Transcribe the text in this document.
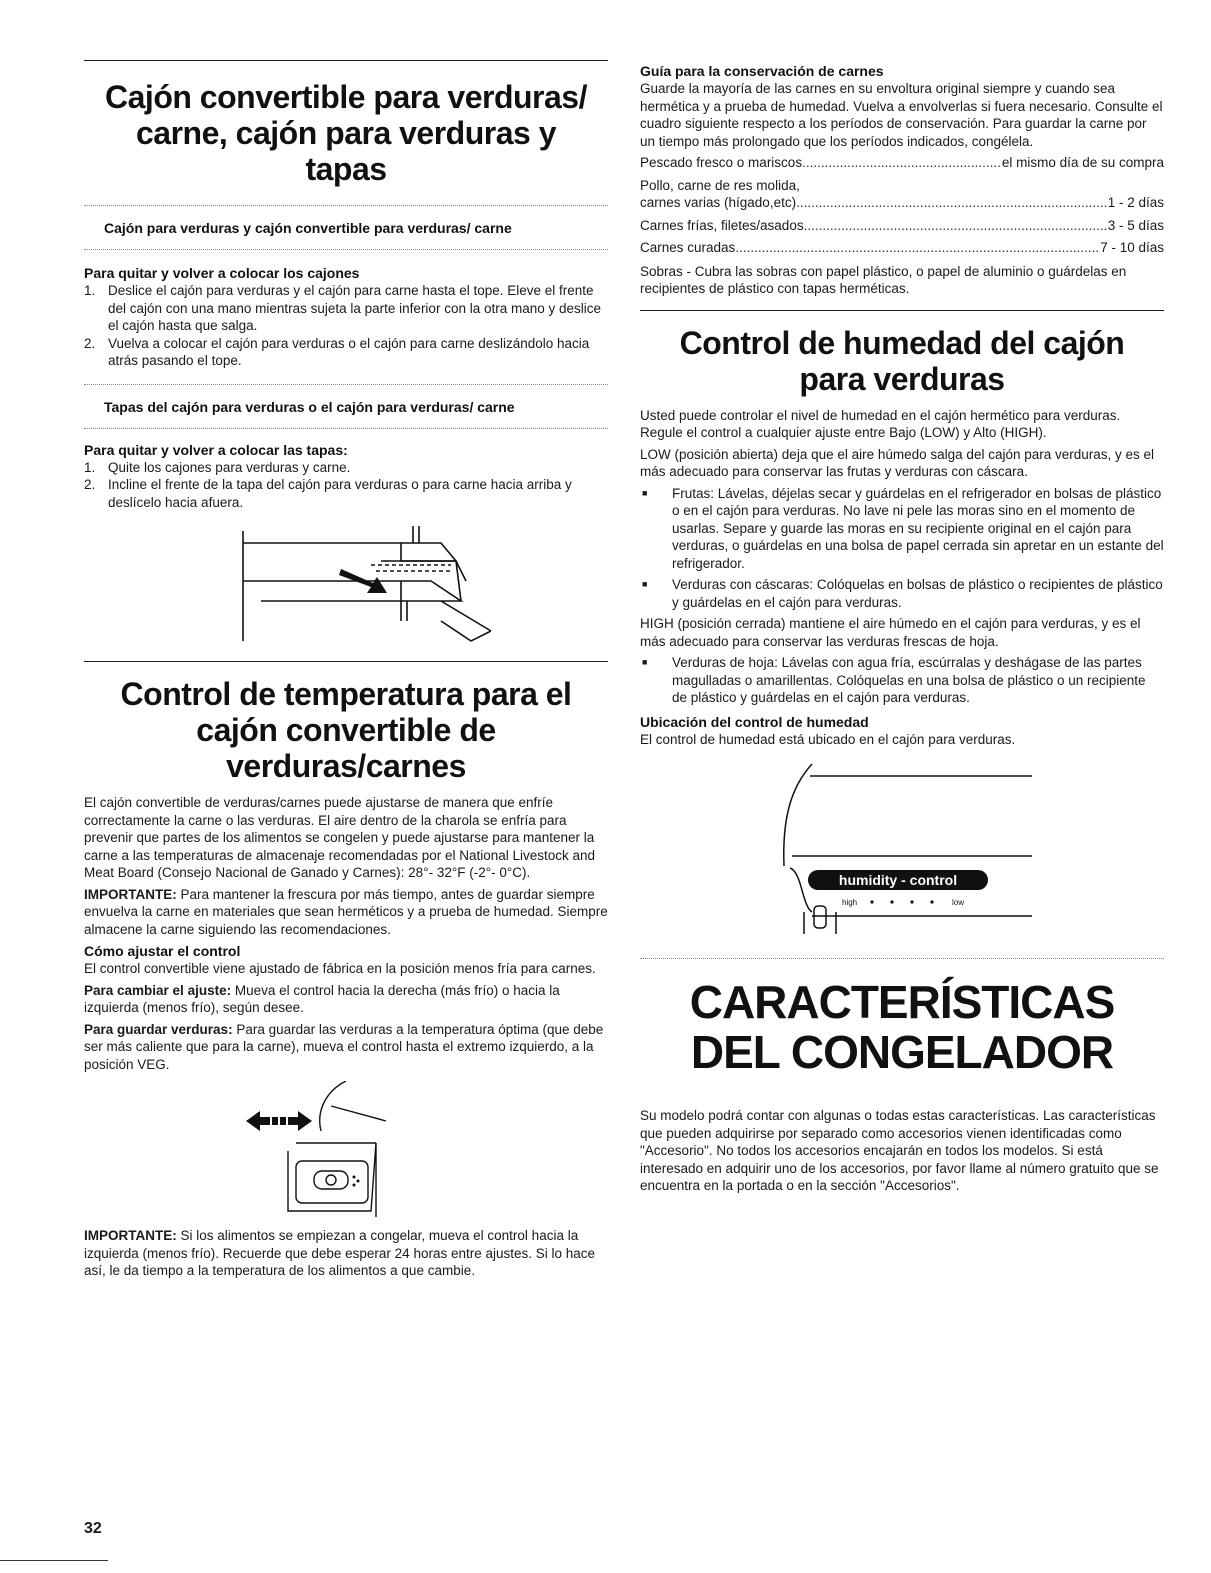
Cajón convertible para verduras/ carne, cajón para verduras y tapas
Cajón para verduras y cajón convertible para verduras/ carne
Para quitar y volver a colocar los cajones
1. Deslice el cajón para verduras y el cajón para carne hasta el tope. Eleve el frente del cajón con una mano mientras sujeta la parte inferior con la otra mano y deslice el cajón hasta que salga.
2. Vuelva a colocar el cajón para verduras o el cajón para carne deslizándolo hacia atrás pasando el tope.
Tapas del cajón para verduras o el cajón para verduras/ carne
Para quitar y volver a colocar las tapas:
1. Quite los cajones para verduras y carne.
2. Incline el frente de la tapa del cajón para verduras o para carne hacia arriba y deslícelo hacia afuera.
Control de temperatura para el cajón convertible de verduras/carnes

El cajón convertible de verduras/carnes puede ajustarse de manera que enfríe correctamente la carne o las verduras. El aire dentro de la charola se enfría para prevenir que partes de los alimentos se congelen y puede ajustarse para mantener la carne a las temperaturas de almacenaje recomendadas por el National Livestock and Meat Board (Consejo Nacional de Ganado y Carnes): 28°- 32°F (-2°- 0°C).

IMPORTANTE: Para mantener la frescura por más tiempo, antes de guardar siempre envuelva la carne en materiales que sean herméticos y a prueba de humedad. Siempre almacene la carne siguiendo las recomendaciones.

Cómo ajustar el control

El control convertible viene ajustado de fábrica en la posición menos fría para carnes.

Para cambiar el ajuste: Mueva el control hacia la derecha (más frío) o hacia la izquierda (menos frío), según desee.

Para guardar verduras: Para guardar las verduras a la temperatura óptima (que debe ser más caliente que para la carne), mueva el control hasta el extremo izquierdo, a la posición VEG.

IMPORTANTE: Si los alimentos se empiezan a congelar, mueva el control hacia la izquierda (menos frío). Recuerde que debe esperar 24 horas entre ajustes. Si lo hace así, le da tiempo a la temperatura de los alimentos a que cambie.

Guía para la conservación de carnes

Guarde la mayoría de las carnes en su envoltura original siempre y cuando sea hermética y a prueba de humedad. Vuelva a envolverlas si fuera necesario. Consulte el cuadro siguiente respecto a los períodos de conservación. Para guardar la carne por un tiempo más prolongado que los períodos indicados, congélela.

Pescado fresco o mariscos .....	el mismo día de su compra
Pollo, carne de res molida,
carnes varias (hígado,etc) .....	1 - 2 días
Carnes frías, filetes/asados .....	3 - 5 días
Carnes curadas .....	7 - 10 días

Sobras - Cubra las sobras con papel plástico, o papel de aluminio o guárdelas en recipientes de plástico con tapas herméticas.

Control de humedad del cajón para verduras

Usted puede controlar el nivel de humedad en el cajón hermético para verduras. Regule el control a cualquier ajuste entre Bajo (LOW) y Alto (HIGH).

LOW (posición abierta) deja que el aire húmedo salga del cajón para verduras, y es el más adecuado para conservar las frutas y verduras con cáscara.

■	Frutas: Lávelas, déjelas secar y guárdelas en el refrigerador en bolsas de plástico o en el cajón para verduras. No lave ni pele las moras sino en el momento de usarlas. Separe y guarde las moras en su recipiente original en el cajón para verduras, o guárdelas en una bolsa de papel cerrada sin apretar en un estante del refrigerador.
■	Verduras con cáscaras: Colóquelas en bolsas de plástico o recipientes de plástico y guárdelas en el cajón para verduras.

HIGH (posición cerrada) mantiene el aire húmedo en el cajón para verduras, y es el más adecuado para conservar las verduras frescas de hoja.

■	Verduras de hoja: Lávelas con agua fría, escúrralas y deshágase de las partes magulladas o amarillentas. Colóquelas en una bolsa de plástico o un recipiente de plástico y guárdelas en el cajón para verduras.
Ubicación del control de humedad

El control de humedad está ubicado en el cajón para verduras.

humidity - control
high	low
CARACTERÍSTICAS DEL CONGELADOR

Su modelo podrá contar con algunas o todas estas características. Las características que pueden adquirirse por separado como accesorios vienen identificadas como "Accesorio". No todos los accesorios encajarán en todos los modelos. Si está interesado en adquirir uno de los accesorios, por favor llame al número gratuito que se encuentra en la portada o en la sección "Accesorios".

32
